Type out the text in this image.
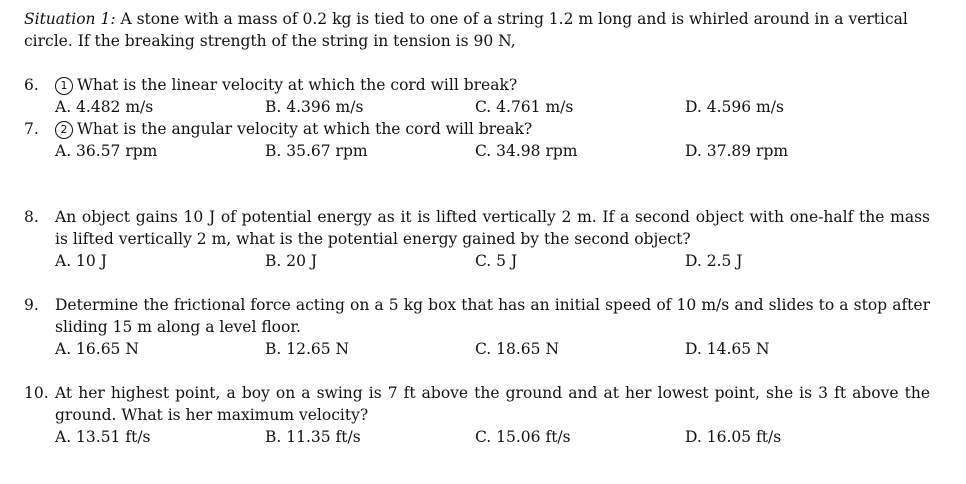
Situation 1: A stone with a mass of 0.2 kg is tied to one of a string 1.2 m long and is whirled around in a vertical circle. If the breaking strength of the string in tension is 90 N,

6.	1 What is the linear velocity at which the cord will break?
A. 4.482 m/s	B. 4.396 m/s	C. 4.761 m/s	D. 4.596 m/s
7.	2 What is the angular velocity at which the cord will break?
A. 36.57 rpm	B. 35.67 rpm	C. 34.98 rpm	D. 37.89 rpm
8.	An object gains 10 J of potential energy as it is lifted vertically 2 m. If a second object with one-half the mass is lifted vertically 2 m, what is the potential energy gained by the second object?
A. 10 J	B. 20 J	C. 5 J	D. 2.5 J
9.	Determine the frictional force acting on a 5 kg box that has an initial speed of 10 m/s and slides to a stop after sliding 15 m along a level floor.
A. 16.65 N	B. 12.65 N	C. 18.65 N	D. 14.65 N
10. At her highest point, a boy on a swing is 7 ft above the ground and at her lowest point, she is 3 ft above the ground. What is her maximum velocity?
A. 13.51 ft/s	B. 11.35 ft/s	C. 15.06 ft/s	D. 16.05 ft/s
